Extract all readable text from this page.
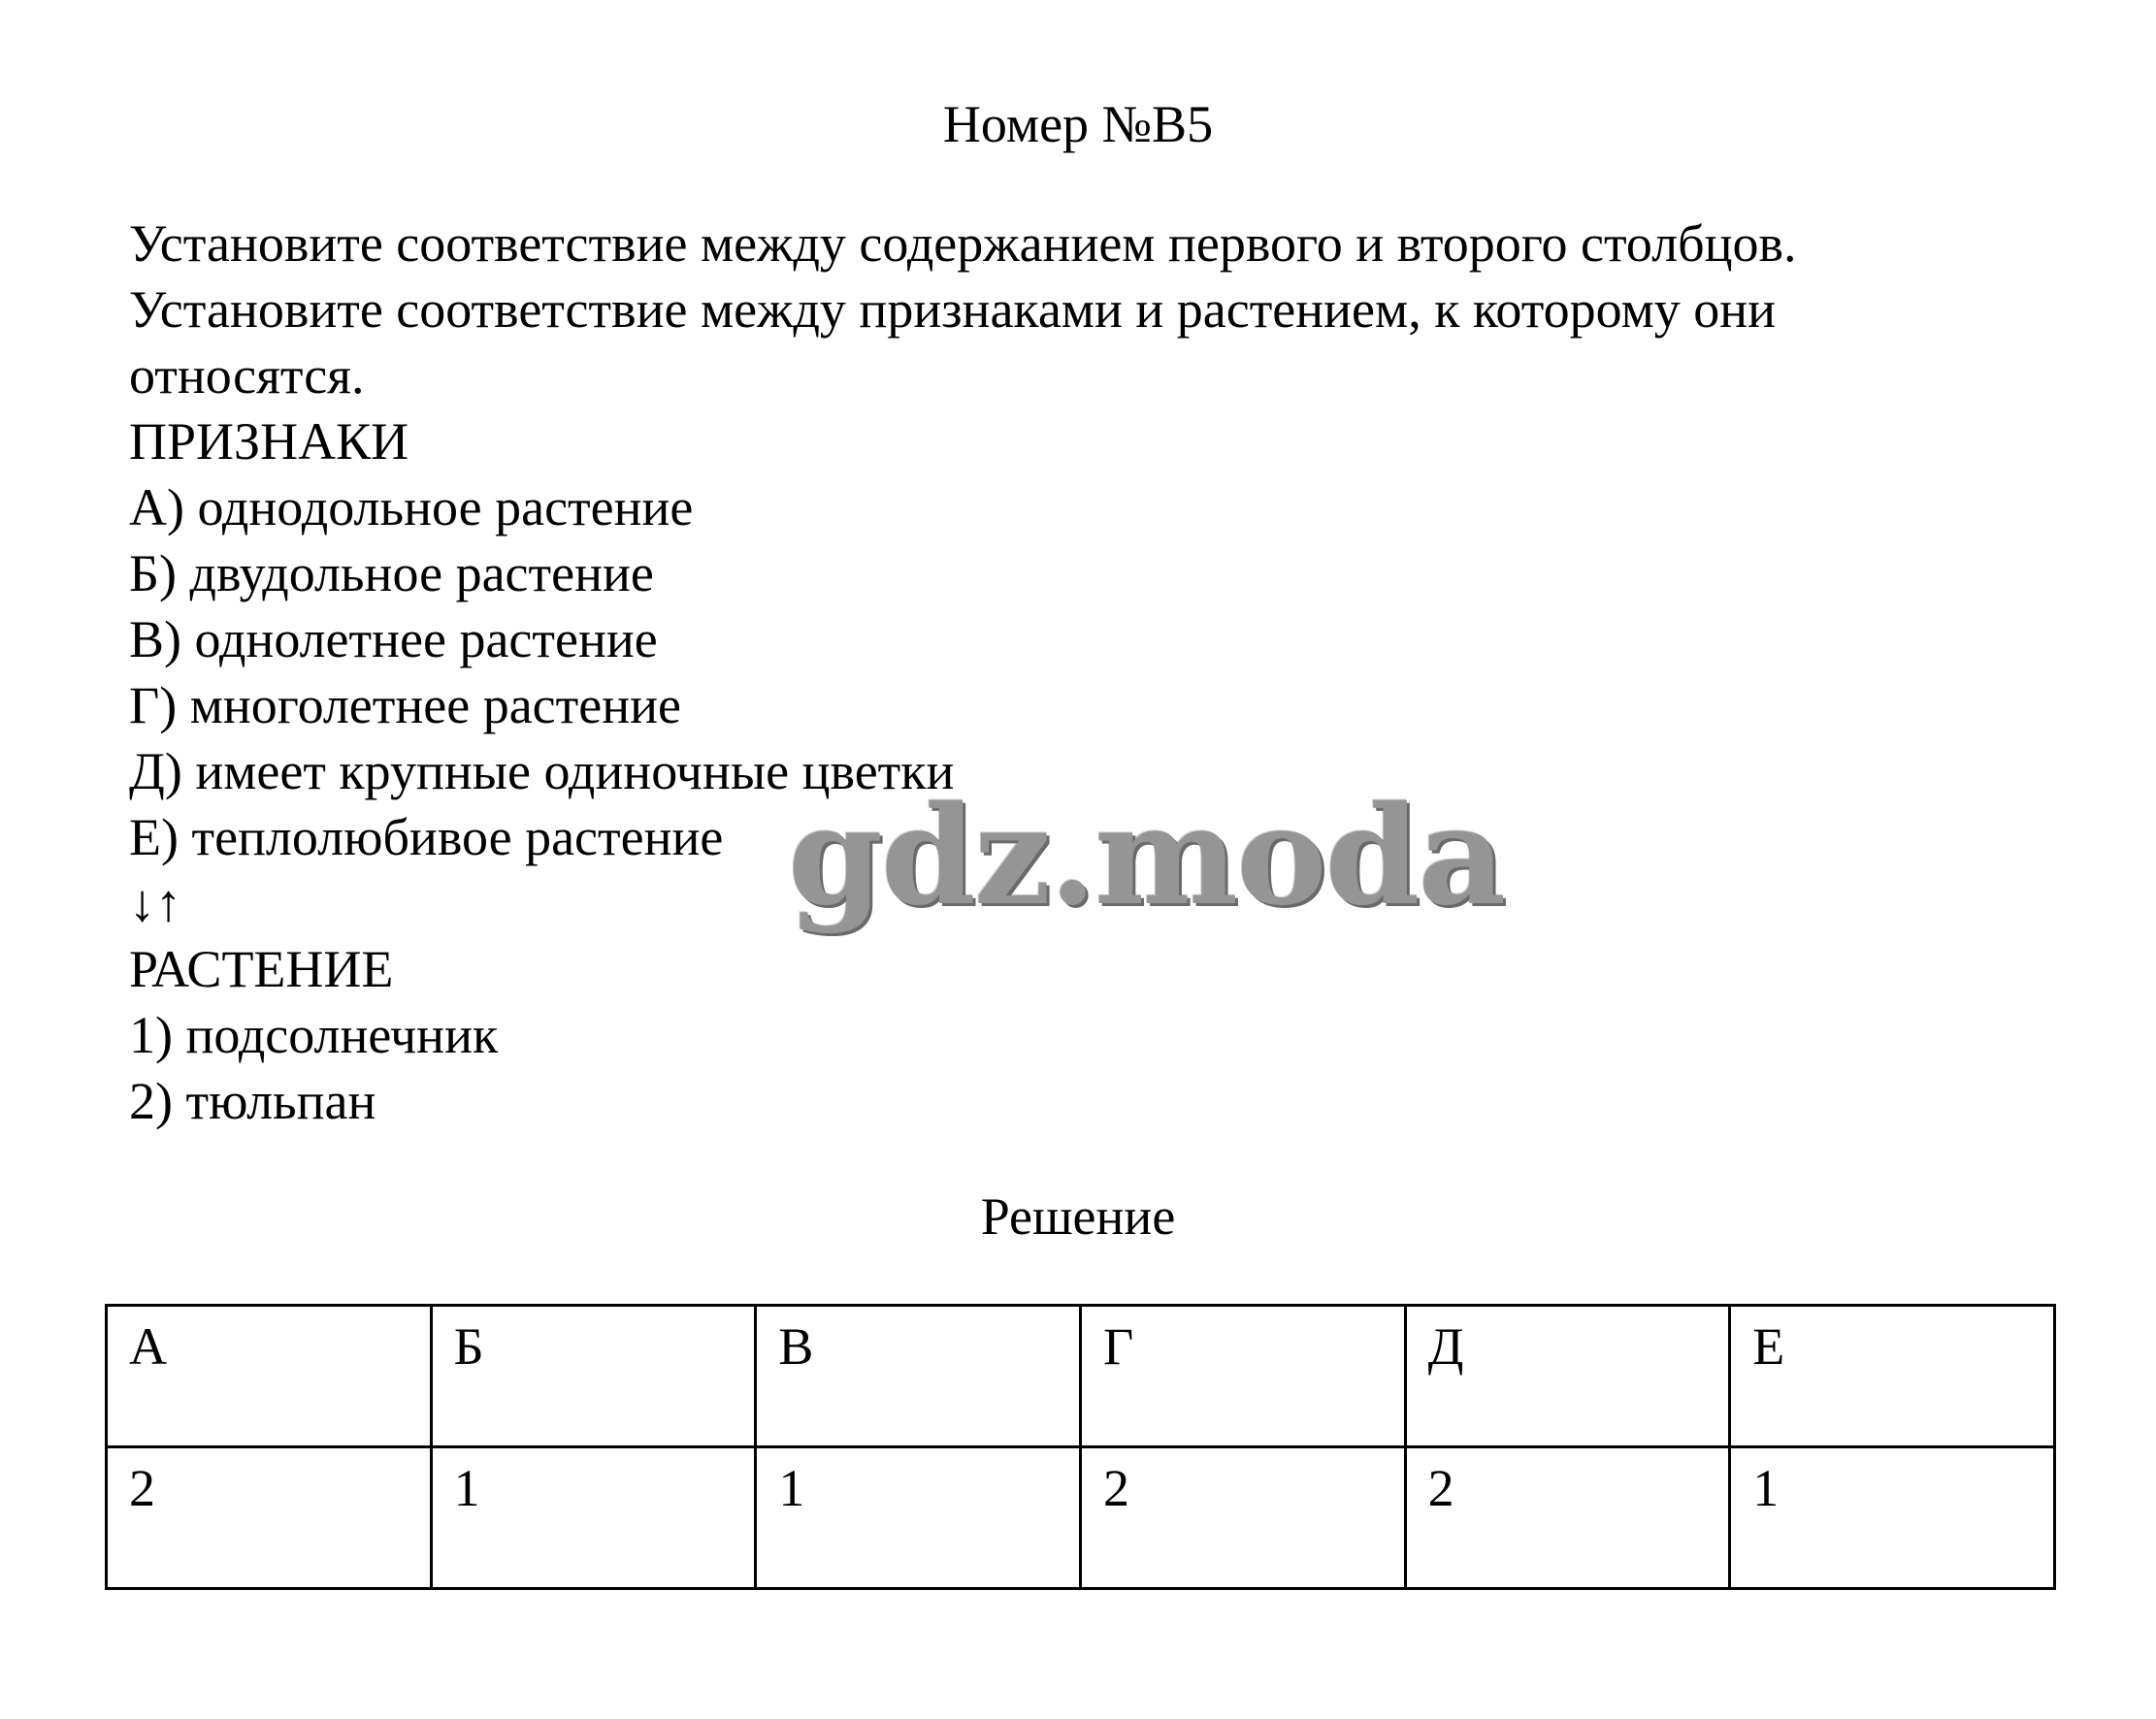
Номер №B5
Установите соответствие между содержанием первого и второго столбцов.
Установите соответствие между признаками и растением, к которому они
относятся.
ПРИЗНАКИ
А) однодольное растение
Б) двудольное растение
В) однолетнее растение
Г) многолетнее растение
Д) имеет крупные одиночные цветки
Е) теплолюбивое растение
↓↑
РАСТЕНИЕ
1) подсолнечник
2) тюльпан
gdz.moda
Решение
А	Б	В	Г	Д	Е
2	1	1	2	2	1
